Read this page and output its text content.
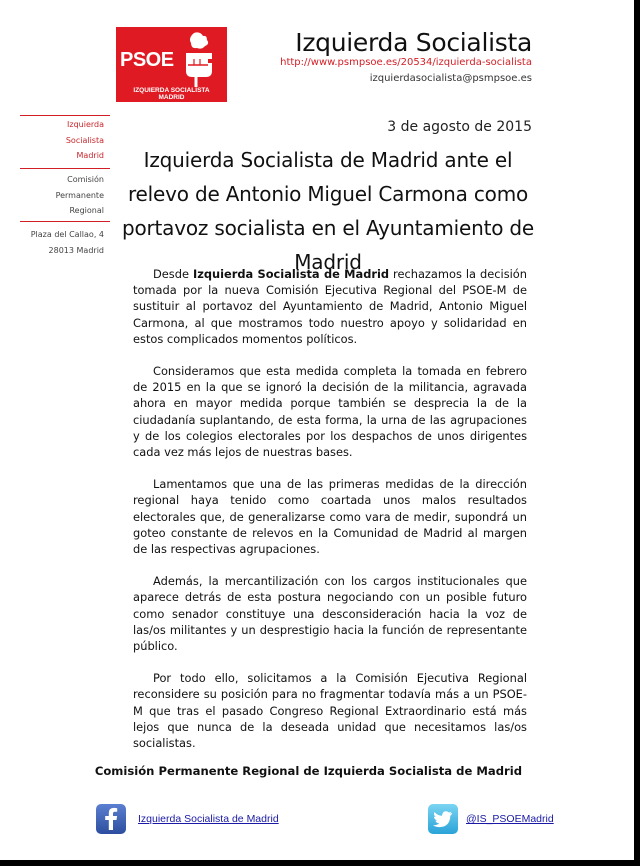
PSOE
IZQUIERDA SOCIALISTA
MADRID
Izquierda Socialista
http://www.psmpsoe.es/20534/izquierda-socialista
izquierdasocialista@psmpsoe.es
Izquierda
Socialista
Madrid
Comisión
Permanente
Regional
Plaza del Callao, 4
28013 Madrid
3 de agosto de 2015
Izquierda Socialista de Madrid ante el relevo de Antonio Miguel Carmona como portavoz socialista en el Ayuntamiento de Madrid

Desde Izquierda Socialista de Madrid rechazamos la decisión tomada por la nueva Comisión Ejecutiva Regional del PSOE-M de sustituir al portavoz del Ayuntamiento de Madrid, Antonio Miguel Carmona, al que mostramos todo nuestro apoyo y solidaridad en estos complicados momentos políticos.

Consideramos que esta medida completa la tomada en febrero de 2015 en la que se ignoró la decisión de la militancia, agravada ahora en mayor medida porque también se desprecia la de la ciudadanía suplantando, de esta forma, la urna de las agrupaciones y de los colegios electorales por los despachos de unos dirigentes cada vez más lejos de nuestras bases.

Lamentamos que una de las primeras medidas de la dirección regional haya tenido como coartada unos malos resultados electorales que, de generalizarse como vara de medir, supondrá un goteo constante de relevos en la Comunidad de Madrid al margen de las respectivas agrupaciones.

Además, la mercantilización con los cargos institucionales que aparece detrás de esta postura negociando con un posible futuro como senador constituye una desconsideración hacia la voz de las/os militantes y un desprestigio hacia la función de representante público.

Por todo ello, solicitamos a la Comisión Ejecutiva Regional reconsidere su posición para no fragmentar todavía más a un PSOE-M que tras el pasado Congreso Regional Extraordinario está más lejos que nunca de la deseada unidad que necesitamos las/os socialistas.

Comisión Permanente Regional de Izquierda Socialista de Madrid
Izquierda Socialista de Madrid	@IS_PSOEMadrid
